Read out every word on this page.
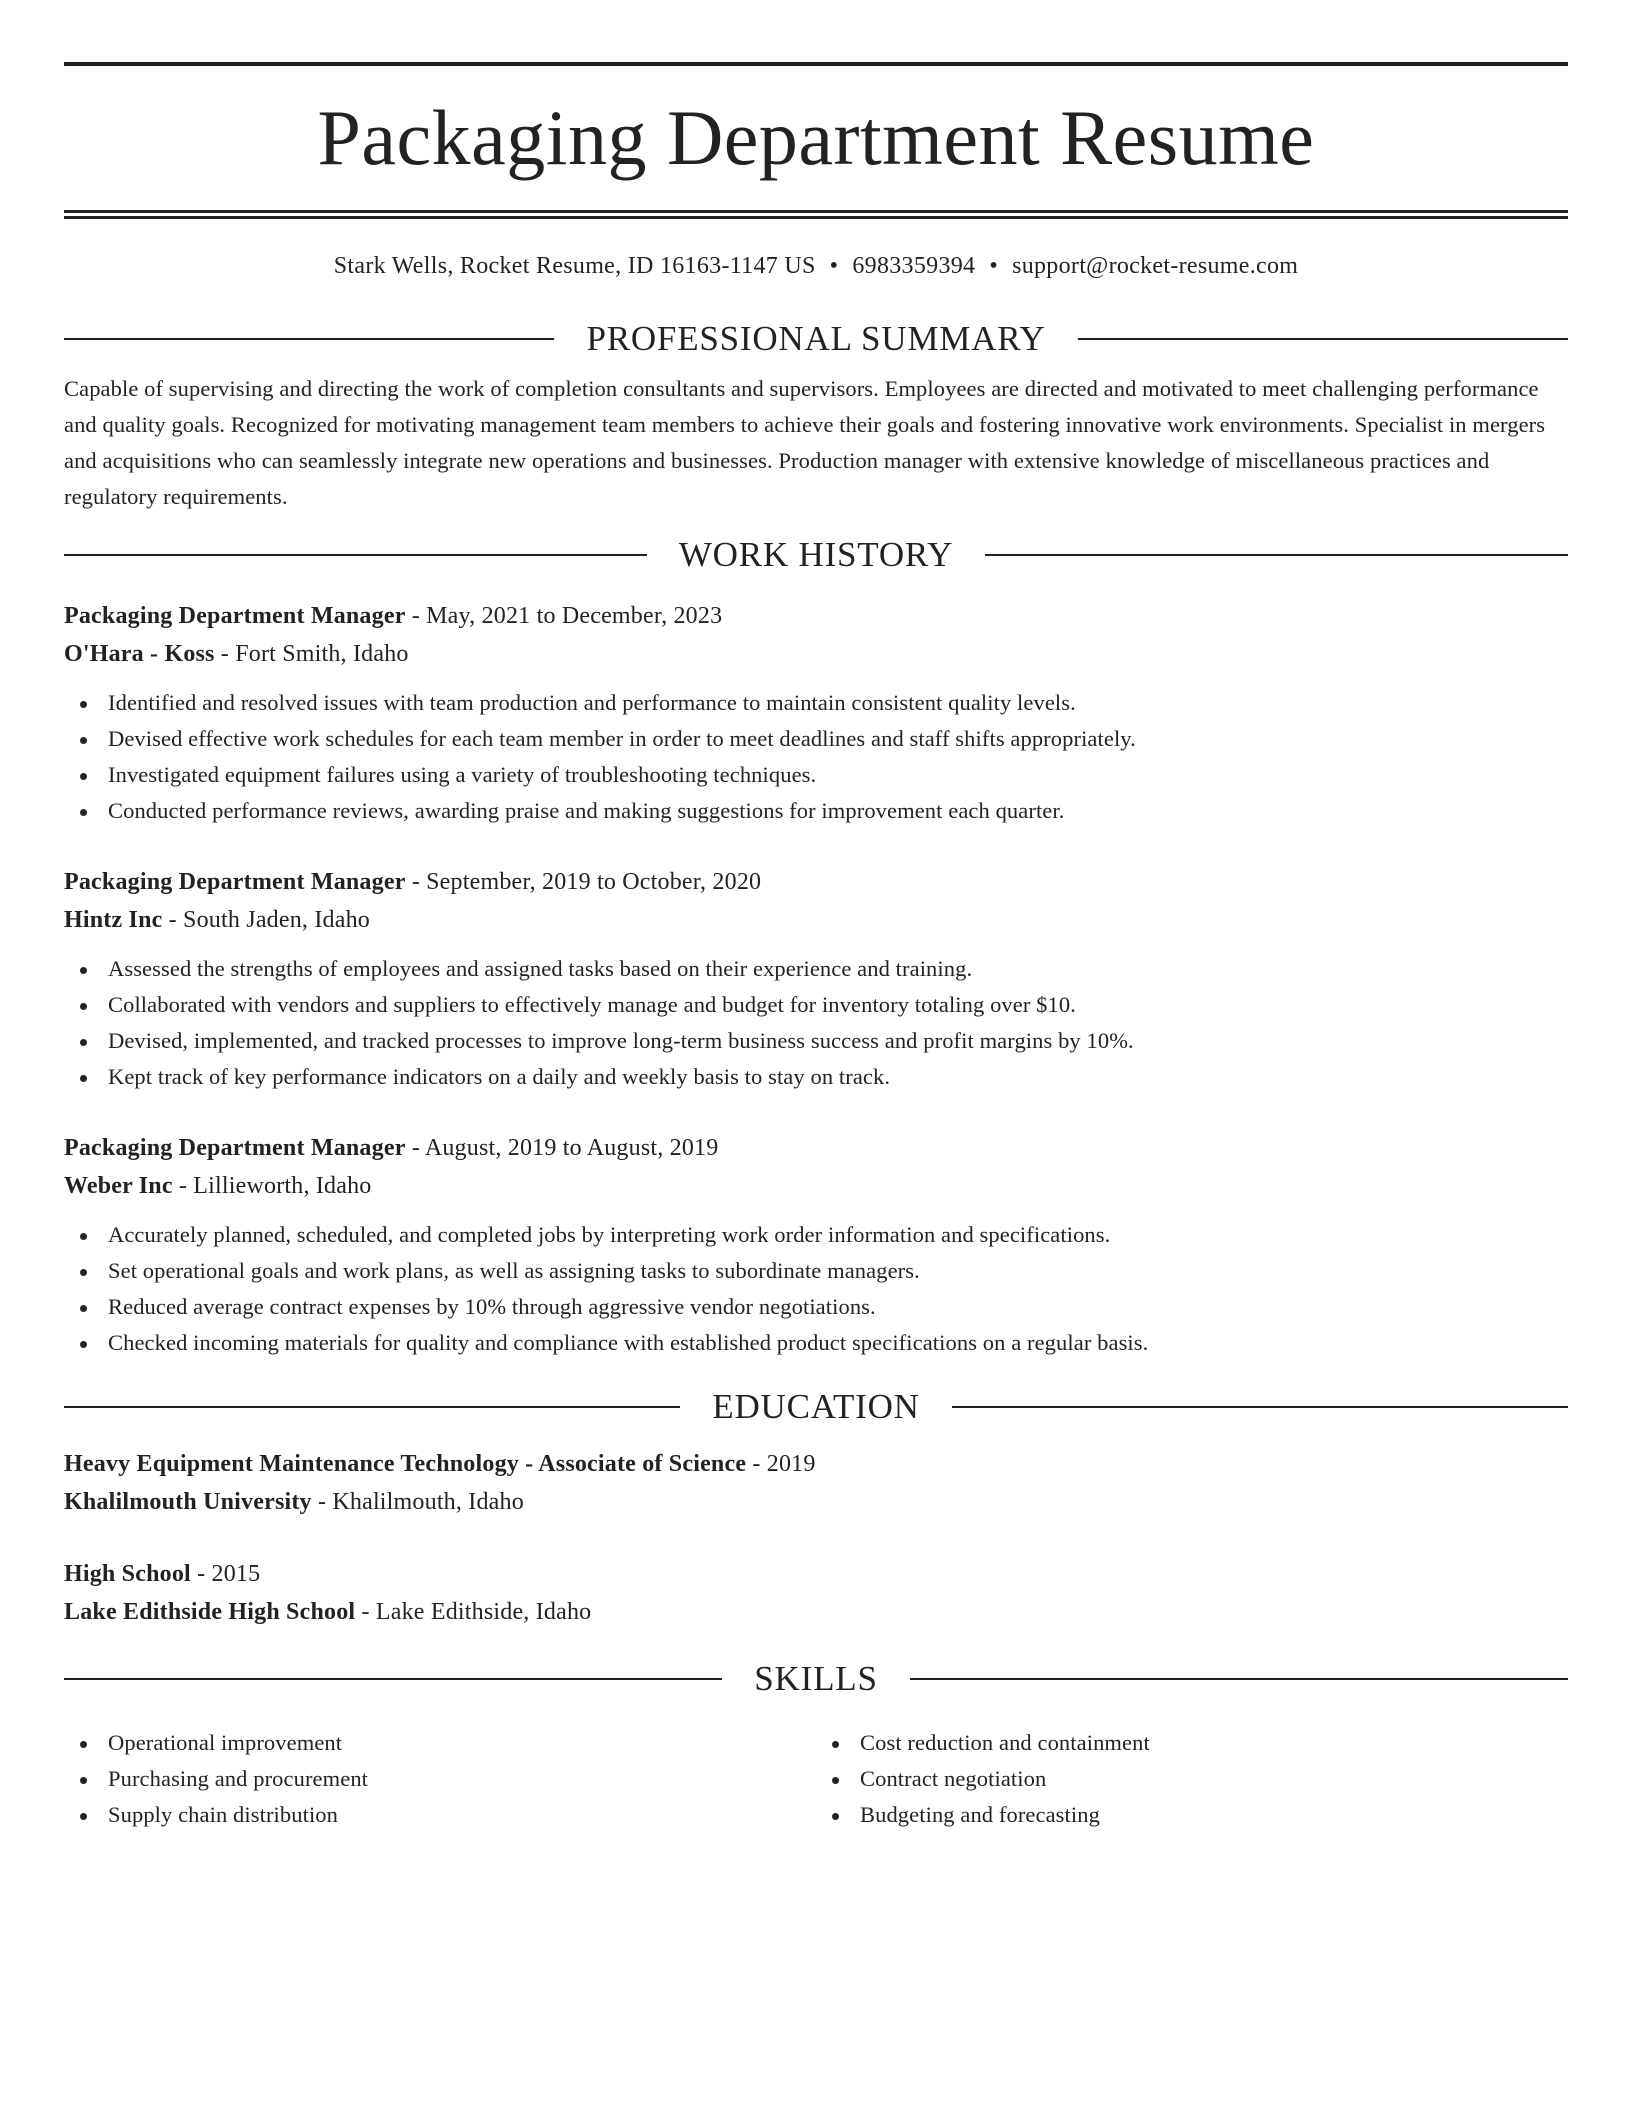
Packaging Department Resume
Stark Wells, Rocket Resume, ID 16163-1147 US • 6983359394 • support@rocket-resume.com
PROFESSIONAL SUMMARY
Capable of supervising and directing the work of completion consultants and supervisors. Employees are directed and motivated to meet challenging performance and quality goals. Recognized for motivating management team members to achieve their goals and fostering innovative work environments. Specialist in mergers and acquisitions who can seamlessly integrate new operations and businesses. Production manager with extensive knowledge of miscellaneous practices and regulatory requirements.
WORK HISTORY
Packaging Department Manager - May, 2021 to December, 2023
O'Hara - Koss - Fort Smith, Idaho
Identified and resolved issues with team production and performance to maintain consistent quality levels.
Devised effective work schedules for each team member in order to meet deadlines and staff shifts appropriately.
Investigated equipment failures using a variety of troubleshooting techniques.
Conducted performance reviews, awarding praise and making suggestions for improvement each quarter.
Packaging Department Manager - September, 2019 to October, 2020
Hintz Inc - South Jaden, Idaho
Assessed the strengths of employees and assigned tasks based on their experience and training.
Collaborated with vendors and suppliers to effectively manage and budget for inventory totaling over $10.
Devised, implemented, and tracked processes to improve long-term business success and profit margins by 10%.
Kept track of key performance indicators on a daily and weekly basis to stay on track.
Packaging Department Manager - August, 2019 to August, 2019
Weber Inc - Lillieworth, Idaho
Accurately planned, scheduled, and completed jobs by interpreting work order information and specifications.
Set operational goals and work plans, as well as assigning tasks to subordinate managers.
Reduced average contract expenses by 10% through aggressive vendor negotiations.
Checked incoming materials for quality and compliance with established product specifications on a regular basis.
EDUCATION
Heavy Equipment Maintenance Technology - Associate of Science - 2019
Khalilmouth University - Khalilmouth, Idaho
High School - 2015
Lake Edithside High School - Lake Edithside, Idaho
SKILLS
Operational improvement
Purchasing and procurement
Supply chain distribution
Cost reduction and containment
Contract negotiation
Budgeting and forecasting
